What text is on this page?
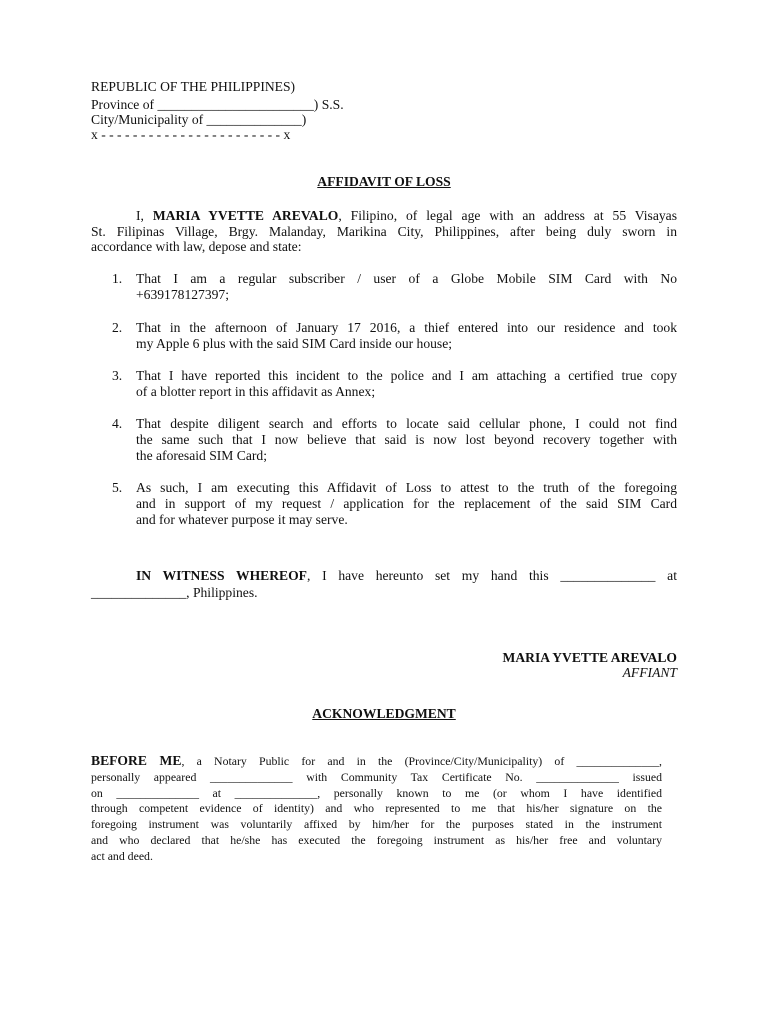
REPUBLIC OF THE PHILIPPINES)
Province of _______________________) S.S.
City/Municipality of ______________)
x - - - - - - - - - - - - - - - - - - - - - - - x
AFFIDAVIT OF LOSS
I, MARIA YVETTE AREVALO, Filipino, of legal age with an address at 55 Visayas
St. Filipinas Village, Brgy. Malanday, Marikina City, Philippines, after being duly sworn in
accordance with law, depose and state:
1. That I am a regular subscriber / user of a Globe Mobile SIM Card with No
+639178127397;
2. That in the afternoon of January 17 2016, a thief entered into our residence and took
my Apple 6 plus with the said SIM Card inside our house;
3. That I have reported this incident to the police and I am attaching a certified true copy
of a blotter report in this affidavit as Annex;
4. That despite diligent search and efforts to locate said cellular phone, I could not find
the same such that I now believe that said is now lost beyond recovery together with
the aforesaid SIM Card;
5. As such, I am executing this Affidavit of Loss to attest to the truth of the foregoing
and in support of my request / application for the replacement of the said SIM Card
and for whatever purpose it may serve.
IN WITNESS WHEREOF, I have hereunto set my hand this ______________ at
______________, Philippines.
MARIA YVETTE AREVALO
AFFIANT
ACKNOWLEDGMENT
BEFORE ME, a Notary Public for and in the (Province/City/Municipality) of ______________,
personally appeared ______________ with Community Tax Certificate No. ______________ issued
on ______________ at ______________, personally known to me (or whom I have identified
through competent evidence of identity) and who represented to me that his/her signature on the
foregoing instrument was voluntarily affixed by him/her for the purposes stated in the instrument
and who declared that he/she has executed the foregoing instrument as his/her free and voluntary
act and deed.
